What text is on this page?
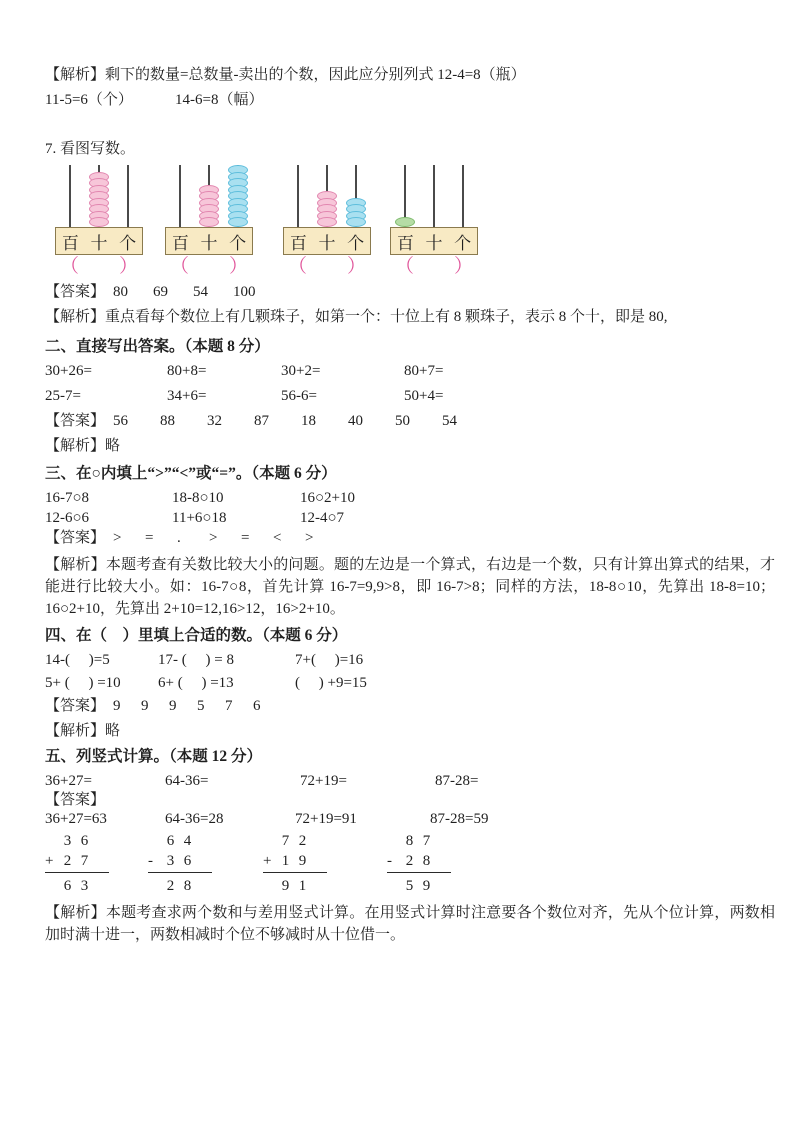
【解析】剩下的数量=总数量-卖出的个数，因此应分别列式 12-4=8（瓶）

11-5=6（个）	14-6=8（幅）

7. 看图写数。

百 十 个
（ ）
百 十 个
（ ）
百 十 个
（ ）
百 十 个
（ ）
【答案】 80 69 54 100

【解析】重点看每个数位上有几颗珠子，如第一个：十位上有 8 颗珠子，表示 8 个十，即是 80,

二、直接写出答案。（本题 8 分）

30+26=	80+8=	30+2=	80+7=
25-7=	34+6=	56-6=	50+4=
【答案】 56 88 32 87 18 40 50 54

【解析】略

三、在○内填上“>”“<”或“=”。（本题 6 分）

16-7○8	18-8○10	16○2+10
12-6○6	11+6○18	12-4○7
【答案】 > = . > = < >

【解析】本题考查有关数比较大小的问题。题的左边是一个算式，右边是一个数，只有计算出算式的结果，才能进行比较大小。如：16-7○8，首先计算 16-7=9,9>8，即 16-7>8；同样的方法，18-8○10，先算出 18-8=10；16○2+10，先算出 2+10=12,16>12，16>2+10。

四、在（　）里填上合适的数。（本题 6 分）

14-(     )=5	17- (     ) = 8	7+(     )=16
5+ (     ) =10 6+ (     ) =13	(     ) +9=15
【答案】 9 9 9 5 7 6

【解析】略

五、列竖式计算。（本题 12 分）

36+27=	64-36=	72+19=	87-28=

【答案】

36+27=63	64-36=28	72+19=91	87-28=59
3 6
+ 2 7
6 3
6 4
- 3 6
2 8
7 2
+ 1 9
9 1
8 7
- 2 8
5 9

【解析】本题考查求两个数和与差用竖式计算。在用竖式计算时注意要各个数位对齐，先从个位计算，两数相加时满十进一，两数相减时个位不够减时从十位借一。
